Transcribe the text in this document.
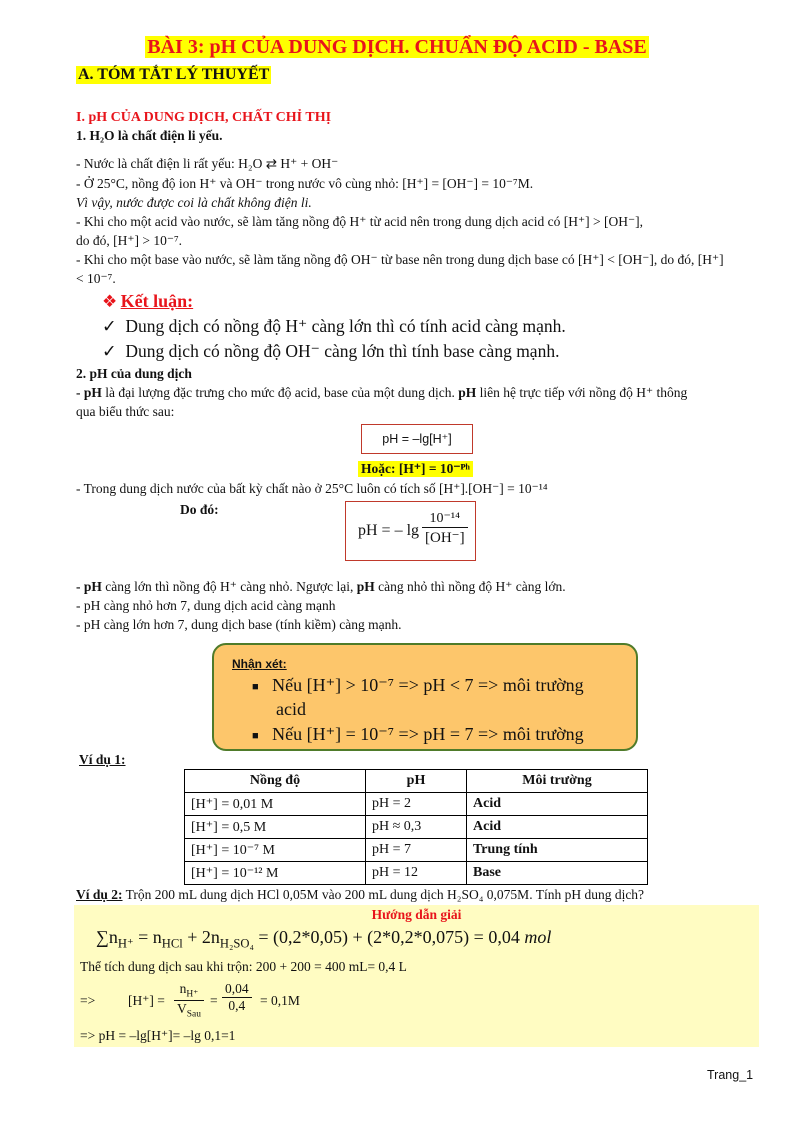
BÀI 3: pH CỦA DUNG DỊCH. CHUẨN ĐỘ ACID - BASE
A. TÓM TẮT LÝ THUYẾT
I. pH CỦA DUNG DỊCH, CHẤT CHỈ THỊ
1. H₂O là chất điện li yếu.
- Nước là chất điện li rất yếu: H₂O ⇄ H⁺ + OH⁻
- Ở 25°C, nồng độ ion H⁺ và OH⁻ trong nước vô cùng nhỏ: [H⁺] = [OH⁻] = 10⁻⁷M.
Vì vậy, nước được coi là chất không điện li.
- Khi cho một acid vào nước, sẽ làm tăng nồng độ H⁺ từ acid nên trong dung dịch acid có [H⁺] > [OH⁻],
do đó, [H⁺] > 10⁻⁷.
- Khi cho một base vào nước, sẽ làm tăng nồng độ OH⁻ từ base nên trong dung dịch base có [H⁺] < [OH⁻], do đó, [H⁺]
< 10⁻⁷.
❖ Kết luận:
✓ Dung dịch có nồng độ H⁺ càng lớn thì có tính acid càng mạnh.
✓ Dung dịch có nồng độ OH⁻ càng lớn thì tính base càng mạnh.
2. pH của dung dịch
- pH là đại lượng đặc trưng cho mức độ acid, base của một dung dịch. pH liên hệ trực tiếp với nồng độ H⁺ thông
qua biểu thức sau:
pH = –lg[H⁺]
Hoặc: [H⁺] = 10⁻ᴾʰ
- Trong dung dịch nước của bất kỳ chất nào ở 25°C luôn có tích số [H⁺].[OH⁻] = 10⁻¹⁴
Do đó:
pH = – $\lg \frac{\text{10⁻¹⁴}}{[OH^-]}$
- pH càng lớn thì nồng độ H⁺ càng nhỏ. Ngược lại, pH càng nhỏ thì nồng độ H⁺ càng lớn.
- pH càng nhỏ hơn 7, dung dịch acid càng mạnh
- pH càng lớn hơn 7, dung dịch base (tính kiềm) càng mạnh.
Nhận xét:
■ Nếu [H⁺] > 10⁻⁷ => pH < 7 => môi trường
acid
■ Nếu [H⁺] = 10⁻⁷ => pH = 7 => môi trường
Ví dụ 1:
Nồng độ	pH	Môi trường
[H⁺] = 0,01 M	pH = 2	Acid
[H⁺] = 0,5 M	pH ≈ 0,3	Acid
[H⁺] = 10⁻⁷ M	pH = 7	Trung tính
[H⁺] = 10⁻¹² M	pH = 12	Base
Ví dụ 2: Trộn 200 mL dung dịch HCl 0,05M vào 200 mL dung dịch H₂SO₄ 0,075M. Tính pH dung dịch?
Hướng dẫn giải
$\sum n_{H^+} = n_{HCl} + 2n_{H_2SO_4} = (0,2*0,05) + (2*0,2*0,075) = 0,04$ mol
Thể tích dung dịch sau khi trộn: 200 + 200 = 400 mL= 0,4 L
=> [H⁺] =
$n_{H^+}$
$V_{Sau}$
= $\frac{0,04}{0,4} = 0,1M$
=> pH = –lg[H⁺]= –lg 0,1=1
Trang_1
